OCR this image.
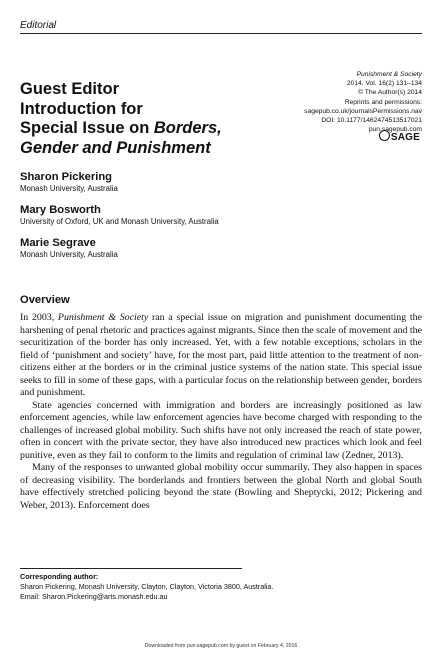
Editorial
Guest Editor
Introduction for
Special Issue on Borders,
Gender and Punishment
Punishment & Society
2014, Vol. 16(2) 131–134
© The Author(s) 2014
Reprints and permissions:
sagepub.co.uk/journalsPermissions.nav
DOI: 10.1177/1462474513517021
pun.sagepub.com
SAGE
Sharon Pickering
Monash University, Australia
Mary Bosworth
University of Oxford, UK and Monash University, Australia
Marie Segrave
Monash University, Australia
Overview

In 2003, Punishment & Society ran a special issue on migration and punishment documenting the harshening of penal rhetoric and practices against migrants. Since then the scale of movement and the securitization of the border has only increased. Yet, with a few notable exceptions, scholars in the field of ‘punishment and society’ have, for the most part, paid little attention to the treatment of non-citizens either at the borders or in the criminal justice systems of the nation state. This special issue seeks to fill in some of these gaps, with a particular focus on the relationship between gender, borders and punishment.

State agencies concerned with immigration and borders are increasingly positioned as law enforcement agencies, while law enforcement agencies have become charged with responding to the challenges of increased global mobility. Such shifts have not only increased the reach of state power, often in concert with the private sector, they have also introduced new practices which look and feel punitive, even as they fail to conform to the limits and regulation of criminal law (Zedner, 2013).

Many of the responses to unwanted global mobility occur summarily. They also happen in spaces of decreasing visibility. The borderlands and frontiers between the global North and global South have effectively stretched policing beyond the state (Bowling and Sheptycki, 2012; Pickering and Weber, 2013). Enforcement does

Corresponding author:
Sharon Pickering, Monash University, Clayton, Clayton, Victoria 3800, Australia.
Email: Sharon.Pickering@arts.monash.edu.au
Downloaded from pun.sagepub.com by guest on February 4, 2016
